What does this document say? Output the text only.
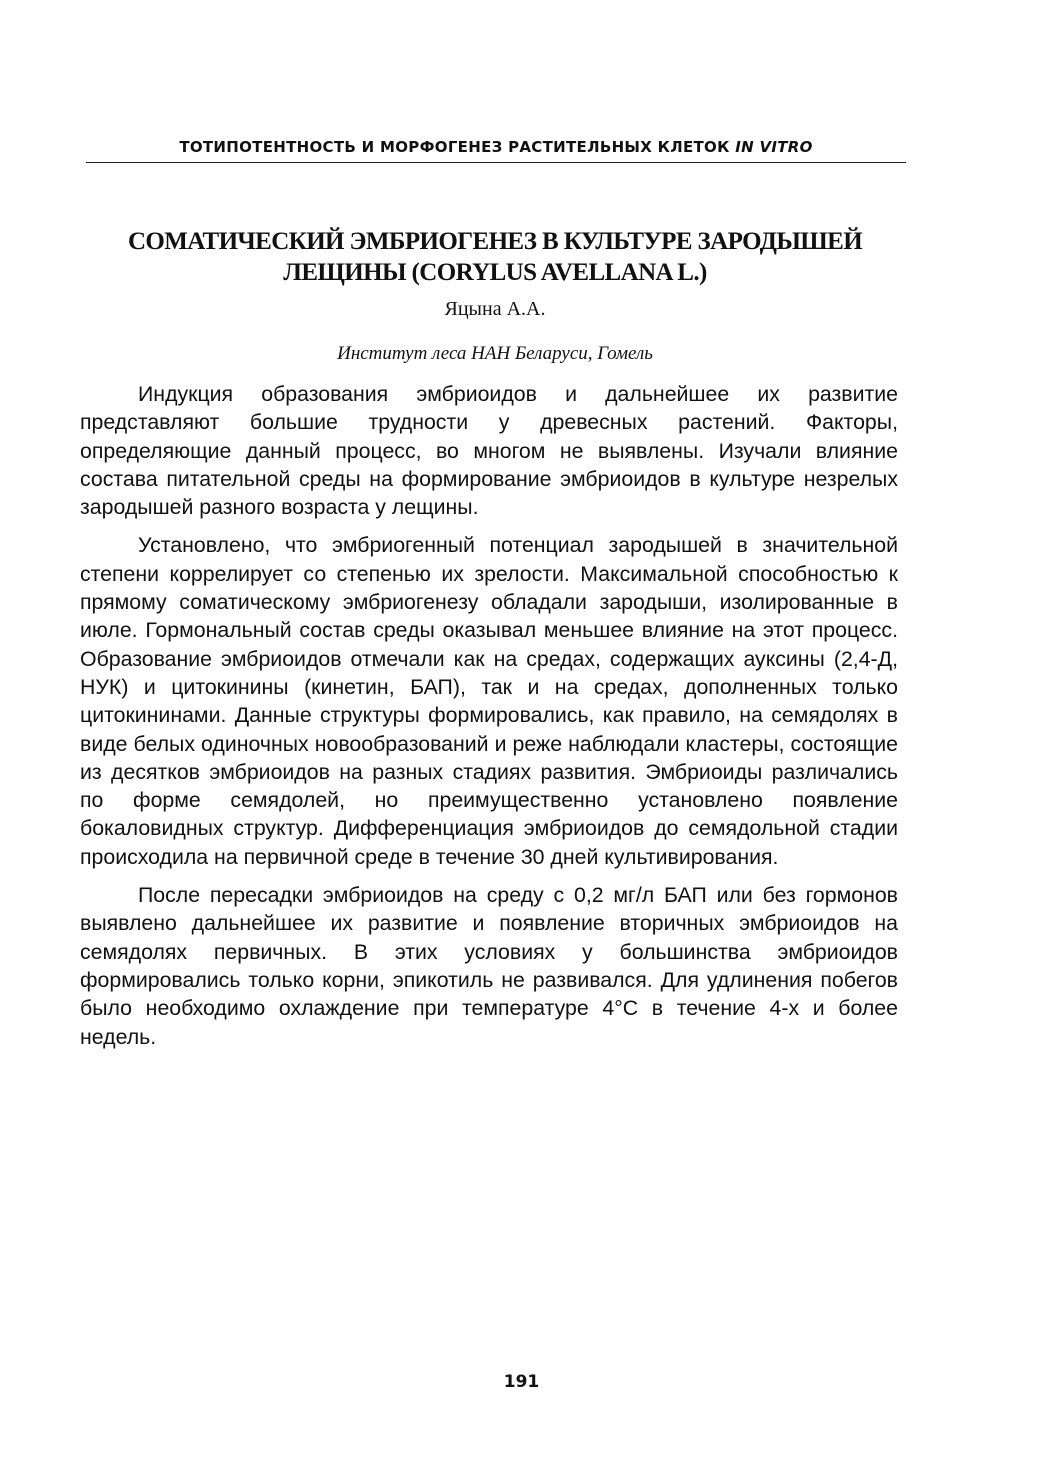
ТОТИПОТЕНТНОСТЬ И МОРФОГЕНЕЗ РАСТИТЕЛЬНЫХ КЛЕТОК IN VITRO
СОМАТИЧЕСКИЙ ЭМБРИОГЕНЕЗ В КУЛЬТУРЕ ЗАРОДЫШЕЙ
ЛЕЩИНЫ (CORYLUS AVELLANA L.)
Яцына А.А.
Институт леса НАН Беларуси, Гомель

Индукция образования эмбриоидов и дальнейшее их развитие представляют большие трудности у древесных растений. Факторы, определяющие данный процесс, во многом не выявлены. Изучали влияние состава питательной среды на формирование эмбриоидов в культуре незрелых зародышей разного возраста у лещины.

Установлено, что эмбриогенный потенциал зародышей в значительной степени коррелирует со степенью их зрелости. Максимальной способностью к прямому соматическому эмбриогенезу обладали зародыши, изолированные в июле. Гормональный состав среды оказывал меньшее влияние на этот процесс. Образование эмбриоидов отмечали как на средах, содержащих ауксины (2,4-Д, НУК) и цитокинины (кинетин, БАП), так и на средах, дополненных только цитокининами. Данные структуры формировались, как правило, на семядолях в виде белых одиночных новообразований и реже наблюдали кластеры, состоящие из десятков эмбриоидов на разных стадиях развития. Эмбриоиды различались по форме семядолей, но преимущественно установлено появление бокаловидных структур. Дифференциация эмбриоидов до семядольной стадии происходила на первичной среде в течение 30 дней культивирования.

После пересадки эмбриоидов на среду с 0,2 мг/л БАП или без гормонов выявлено дальнейшее их развитие и появление вторичных эмбриоидов на семядолях первичных. В этих условиях у большинства эмбриоидов формировались только корни, эпикотиль не развивался. Для удлинения побегов было необходимо охлаждение при температуре 4°С в течение 4-х и более недель.

191
